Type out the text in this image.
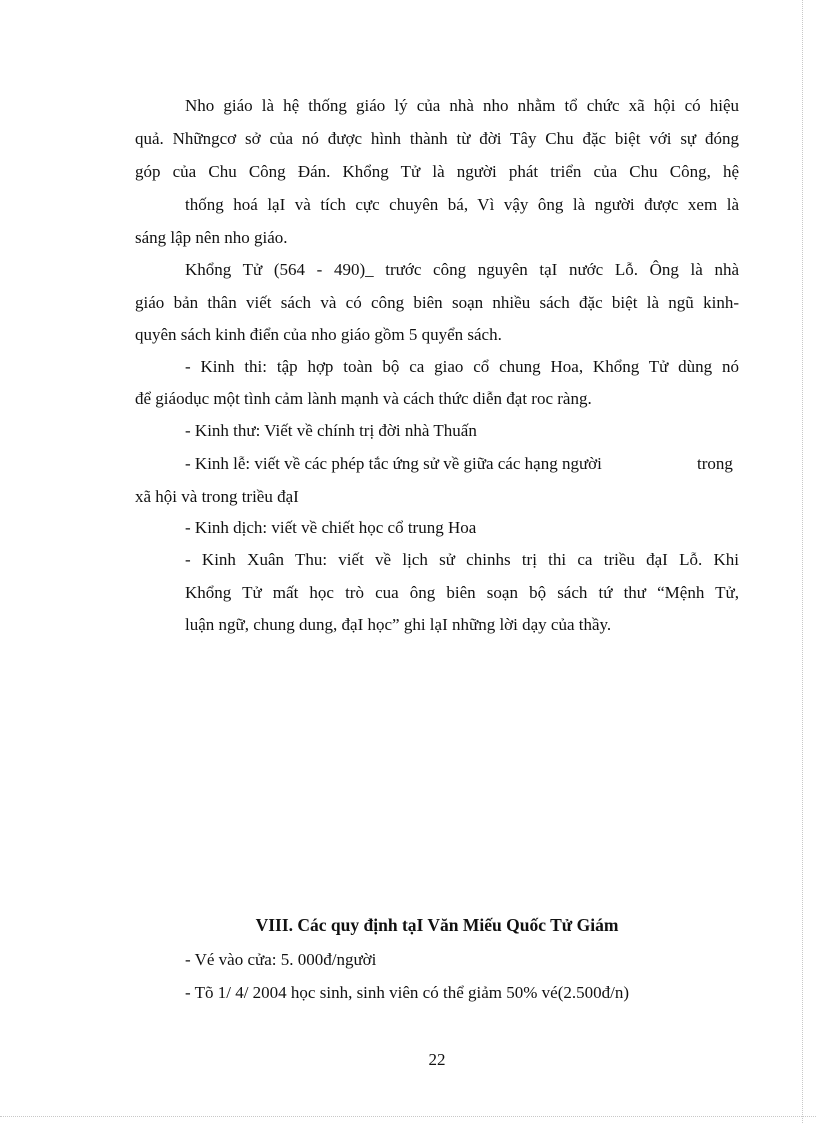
Nho giáo là hệ thống giáo lý của nhà nho nhằm tổ chức xã hội có hiệu
quả. Nhữngcơ sở của nó được hình thành từ đời Tây Chu đặc biệt với sự đóng
góp của Chu Công Đán. Khổng Tử là người phát triển của Chu Công, hệ
thống hoá lạI và tích cực chuyên bá, Vì vậy ông là người được xem là
sáng lập nên nho giáo.
Khổng Tử (564 - 490)_ trước công nguyên tạI nước Lỗ. Ông là nhà
giáo bản thân viết sách và có công biên soạn nhiều sách đặc biệt là ngũ kinh-
quyên sách kinh điển của nho giáo gồm 5 quyển sách.
- Kinh thi: tập hợp toàn bộ ca giao cổ chung Hoa, Khổng Tử dùng nó
để giáodục một tình cảm lành mạnh và cách thức diễn đạt roc ràng.
- Kinh thư: Viết về chính trị đời nhà Thuấn
- Kinh lễ: viết về các phép tắc ứng sử về giữa các hạng người	trong
xã hội và trong triều đạI
- Kinh dịch: viết về chiết học cổ trung Hoa
- Kinh Xuân Thu: viết về lịch sử chinhs trị thi ca triều đạI Lỗ. Khi
Khổng Tử mất học trò cua ông biên soạn bộ sách tứ thư “Mệnh Tử,
luận ngữ, chung dung, đạI học” ghi lạI những lời dạy của thầy.
VIII. Các quy định tạI Văn Miếu Quốc Tử Giám
- Vé vào cửa: 5. 000đ/người
- Tõ 1/ 4/ 2004 học sinh, sinh viên có thể giảm 50% vé(2.500đ/n)
22
